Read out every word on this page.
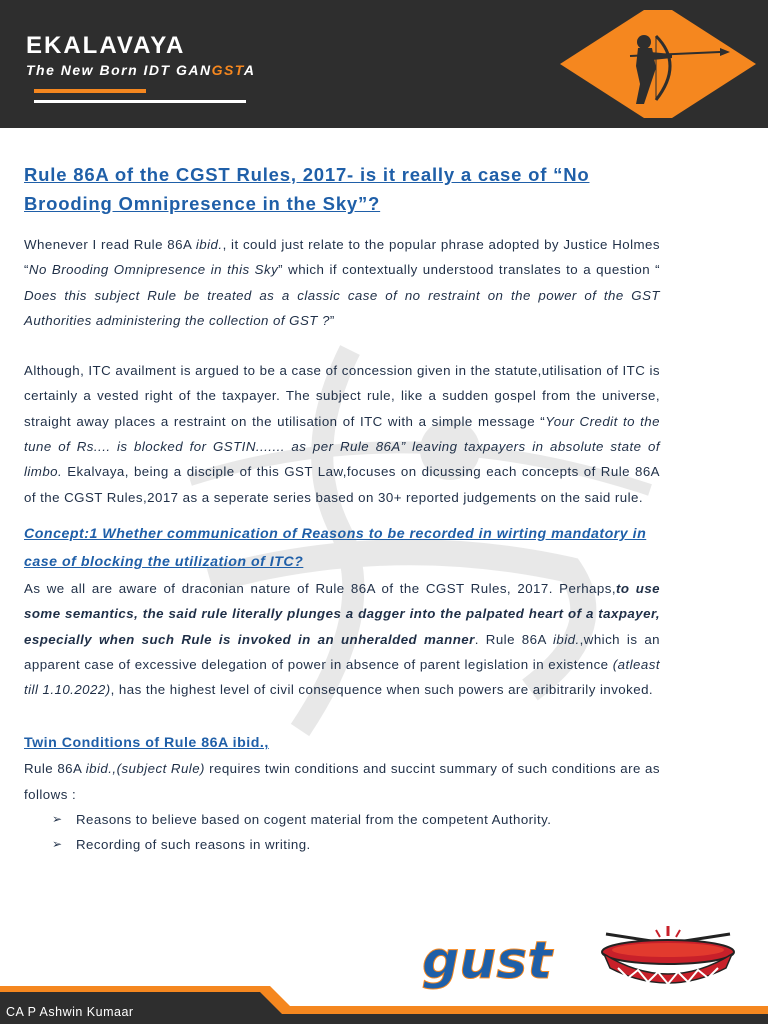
EKALAVAYA
The New Born IDT GANGSTA
Rule 86A of the CGST Rules, 2017- is it really a case of “No Brooding Omnipresence in the Sky”?

Whenever I read Rule 86A ibid., it could just relate to the popular phrase adopted by Justice Holmes “No Brooding Omnipresence in this Sky” which if contextually understood translates to a question “ Does this subject Rule be treated as a classic case of no restraint on the power of the GST Authorities administering the collection of GST ?”

Although, ITC availment is argued to be a case of concession given in the statute,utilisation of ITC is certainly a vested right of the taxpayer. The subject rule, like a sudden gospel from the universe, straight away places a restraint on the utilisation of ITC with a simple message “Your Credit to the tune of Rs.... is blocked for GSTIN....... as per Rule 86A” leaving taxpayers in absolute state of limbo. Ekalvaya, being a disciple of this GST Law,focuses on dicussing each concepts of Rule 86A of the CGST Rules,2017 as a seperate series based on 30+ reported judgements on the said rule.

Concept:1 Whether communication of Reasons to be recorded in wirting mandatory in case of blocking the utilization of ITC?

As we all are aware of draconian nature of Rule 86A of the CGST Rules, 2017. Perhaps,to use some semantics, the said rule literally plunges a dagger into the palpated heart of a taxpayer, especially when such Rule is invoked in an unheralded manner. Rule 86A ibid.,which is an apparent case of excessive delegation of power in absence of parent legislation in existence (atleast till 1.10.2022), has the highest level of civil consequence when such powers are aribitrarily invoked.

Twin Conditions of Rule 86A ibid.,

Rule 86A ibid.,(subject Rule) requires twin conditions and succint summary of such conditions are as follows :

➢ Reasons to believe based on cogent material from the competent Authority.
➢ Recording of such reasons in writing.
gust
CA P Ashwin Kumaar
